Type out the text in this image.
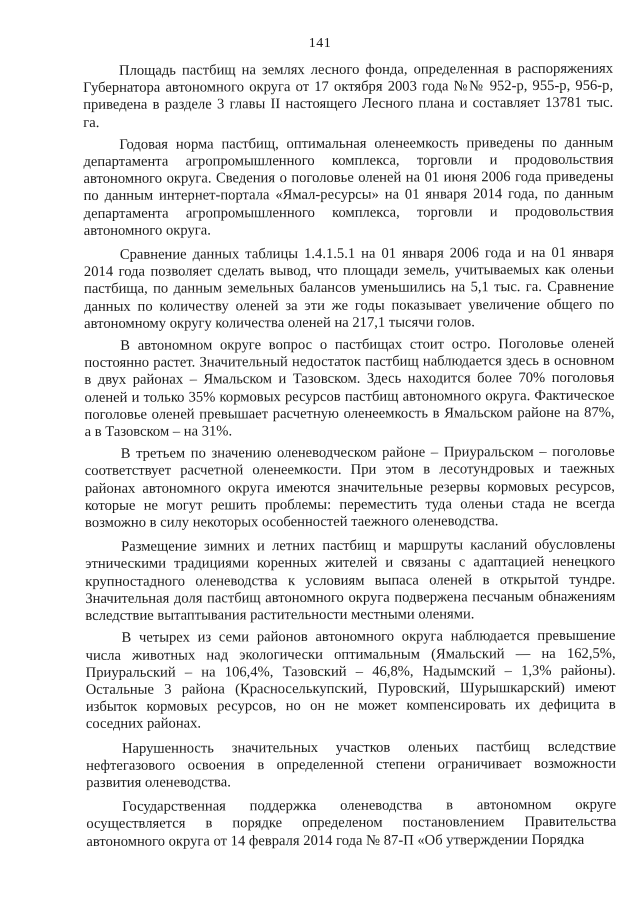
141

Площадь пастбищ на землях лесного фонда, определенная в распоряжениях Губернатора автономного округа от 17 октября 2003 года №№ 952-р, 955-р, 956-р, приведена в разделе 3 главы II настоящего Лесного плана и составляет 13781 тыс. га.

Годовая норма пастбищ, оптимальная оленеемкость приведены по данным департамента агропромышленного комплекса, торговли и продовольствия автономного округа. Сведения о поголовье оленей на 01 июня 2006 года приведены по данным интернет-портала «Ямал-ресурсы» на 01 января 2014 года, по данным департамента агропромышленного комплекса, торговли и продовольствия автономного округа.

Сравнение данных таблицы 1.4.1.5.1 на 01 января 2006 года и на 01 января 2014 года позволяет сделать вывод, что площади земель, учитываемых как оленьи пастбища, по данным земельных балансов уменьшились на 5,1 тыс. га. Сравнение данных по количеству оленей за эти же годы показывает увеличение общего по автономному округу количества оленей на 217,1 тысячи голов.

В автономном округе вопрос о пастбищах стоит остро. Поголовье оленей постоянно растет. Значительный недостаток пастбищ наблюдается здесь в основном в двух районах – Ямальском и Тазовском. Здесь находится более 70% поголовья оленей и только 35% кормовых ресурсов пастбищ автономного округа. Фактическое поголовье оленей превышает расчетную оленеемкость в Ямальском районе на 87%, а в Тазовском – на 31%.

В третьем по значению оленеводческом районе – Приуральском – поголовье соответствует расчетной оленеемкости. При этом в лесотундровых и таежных районах автономного округа имеются значительные резервы кормовых ресурсов, которые не могут решить проблемы: переместить туда оленьи стада не всегда возможно в силу некоторых особенностей таежного оленеводства.

Размещение зимних и летних пастбищ и маршруты касланий обусловлены этническими традициями коренных жителей и связаны с адаптацией ненецкого крупностадного оленеводства к условиям выпаса оленей в открытой тундре. Значительная доля пастбищ автономного округа подвержена песчаным обнажениям вследствие вытаптывания растительности местными оленями.

В четырех из семи районов автономного округа наблюдается превышение числа животных над экологически оптимальным (Ямальский — на 162,5%, Приуральский – на 106,4%, Тазовский – 46,8%, Надымский – 1,3% районы). Остальные 3 района (Красноселькупский, Пуровский, Шурышкарский) имеют избыток кормовых ресурсов, но он не может компенсировать их дефицита в соседних районах.

Нарушенность значительных участков оленьих пастбищ вследствие нефтегазового освоения в определенной степени ограничивает возможности развития оленеводства.

Государственная поддержка оленеводства в автономном округе осуществляется в порядке определеном постановлением Правительства автономного округа от 14 февраля 2014 года № 87-П «Об утверждении Порядка
